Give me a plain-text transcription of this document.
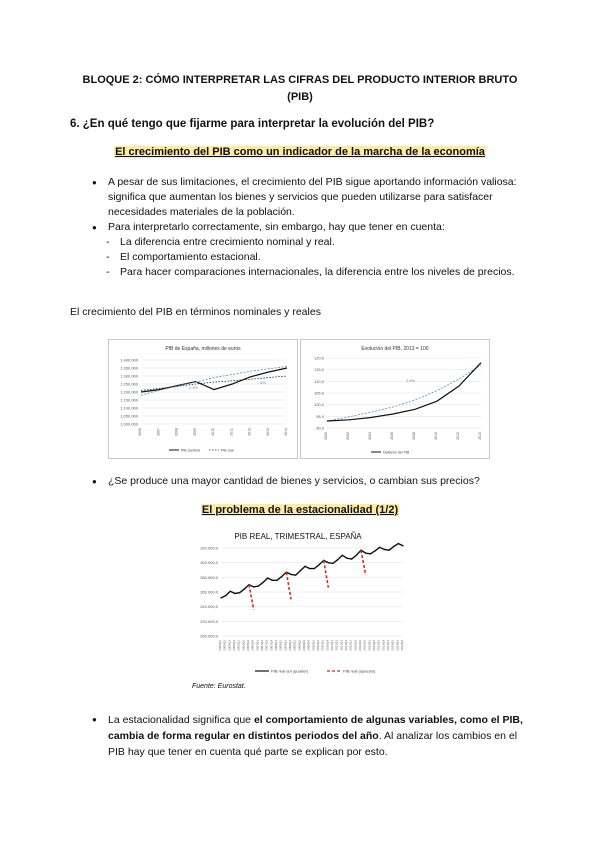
BLOQUE 2: CÓMO INTERPRETAR LAS CIFRAS DEL PRODUCTO INTERIOR BRUTO (PIB)
6. ¿En qué tengo que fijarme para interpretar la evolución del PIB?
El crecimiento del PIB como un indicador de la marcha de la economía
● A pesar de sus limitaciones, el crecimiento del PIB sigue aportando información valiosa: significa que aumentan los bienes y servicios que pueden utilizarse para satisfacer necesidades materiales de la población.
● Para interpretarlo correctamente, sin embargo, hay que tener en cuenta:
- La diferencia entre crecimiento nominal y real.
- El comportamiento estacional.
- Para hacer comparaciones internacionales, la diferencia entre los niveles de precios.
El crecimiento del PIB en términos nominales y reales
PIB de España, millones de euros
1.400.000
1.350.000
1.300.000
1.250.000
1.200.000
1.150.000
1.100.000
1.050.000
1.000.000
2006	2007	2008	2009	2010	2011	2012	2013	2014
2,2%
4%
PIB nominal	PIB real
Evolución del PIB, 2013 = 100
120,0
115,0
110,0
105,0
100,0
95,0
90,0
2000	2002	2004	2006	2008	2010	2012	2014
2,6%
Deflactor del PIB
● ¿Se produce una mayor cantidad de bienes y servicios, o cambian sus precios?
El problema de la estacionalidad (1/2)
PIB REAL, TRIMESTRAL, ESPAÑA
320.000,0
300.000,0
280.000,0
260.000,0
240.000,0
220.000,0
200.000,0
2005Q1 2005Q2 2005Q3 2005Q4 2006Q1 2006Q2 2006Q3 2006Q4 2007Q1 2007Q2 2007Q3 2007Q4 2008Q1 2008Q2 2008Q3 2008Q4 2009Q1 2009Q2 2009Q3 2009Q4 2010Q1 2010Q2 2010Q3 2010Q4 2011Q1 2011Q2 2011Q3 2011Q4 2012Q1 2012Q2 2012Q3 2012Q4 2013Q1 2013Q2 2013Q3 2013Q4 2014Q1 2014Q2 2014Q3 2014Q4
PIB real (en jquarter)	PIB real (apuesto)
Fuente: Eurostat.
● La estacionalidad significa que el comportamiento de algunas variables, como el PIB, cambia de forma regular en distintos periodos del año. Al analizar los cambios en el PIB hay que tener en cuenta qué parte se explican por esto.
